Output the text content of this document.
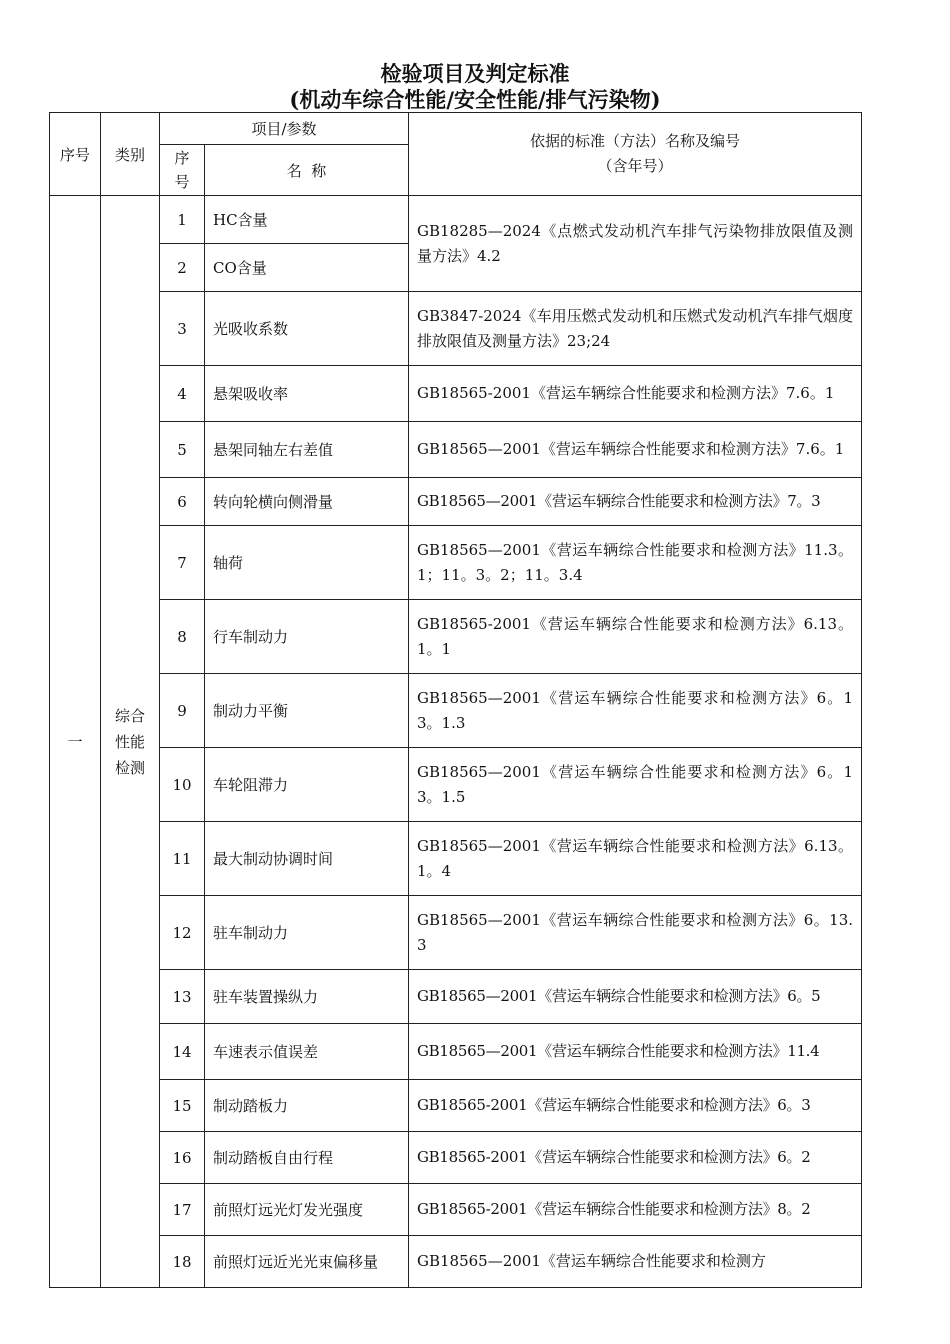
检验项目及判定标准
(机动车综合性能/安全性能/排气污染物)
序号	类别	项目/参数		依据的标准（方法）名称及编号
（含年号）

		序号	名  称	
一	综合性能检测	1	HC含量	GB18285—2024《点燃式发动机汽车排气污染物排放限值及测量方法》4.2
		2	CO含量	
		3	光吸收系数	GB3847-2024《车用压燃式发动机和压燃式发动机汽车排气烟度排放限值及测量方法》23;24
		4	悬架吸收率	GB18565-2001《营运车辆综合性能要求和检测方法》7.6。1
		5	悬架同轴左右差值	GB18565—2001《营运车辆综合性能要求和检测方法》7.6。1
		6	转向轮横向侧滑量	GB18565—2001《营运车辆综合性能要求和检测方法》7。3
		7	轴荷	GB18565—2001《营运车辆综合性能要求和检测方法》11.3。1；11。3。2；11。3.4
		8	行车制动力	GB18565-2001《营运车辆综合性能要求和检测方法》6.13。1。1
		9	制动力平衡	GB18565—2001《营运车辆综合性能要求和检测方法》6。13。1.3
		10	车轮阻滞力	GB18565—2001《营运车辆综合性能要求和检测方法》6。13。1.5
		11	最大制动协调时间	GB18565—2001《营运车辆综合性能要求和检测方法》6.13。1。4
		12	驻车制动力	GB18565—2001《营运车辆综合性能要求和检测方法》6。13.3
		13	驻车装置操纵力	GB18565—2001《营运车辆综合性能要求和检测方法》6。5
		14	车速表示值误差	GB18565—2001《营运车辆综合性能要求和检测方法》11.4
		15	制动踏板力	GB18565-2001《营运车辆综合性能要求和检测方法》6。3
		16	制动踏板自由行程	GB18565-2001《营运车辆综合性能要求和检测方法》6。2
		17	前照灯远光灯发光强度	GB18565-2001《营运车辆综合性能要求和检测方法》8。2
		18	前照灯远近光光束偏移量	GB18565—2001《营运车辆综合性能要求和检测方
